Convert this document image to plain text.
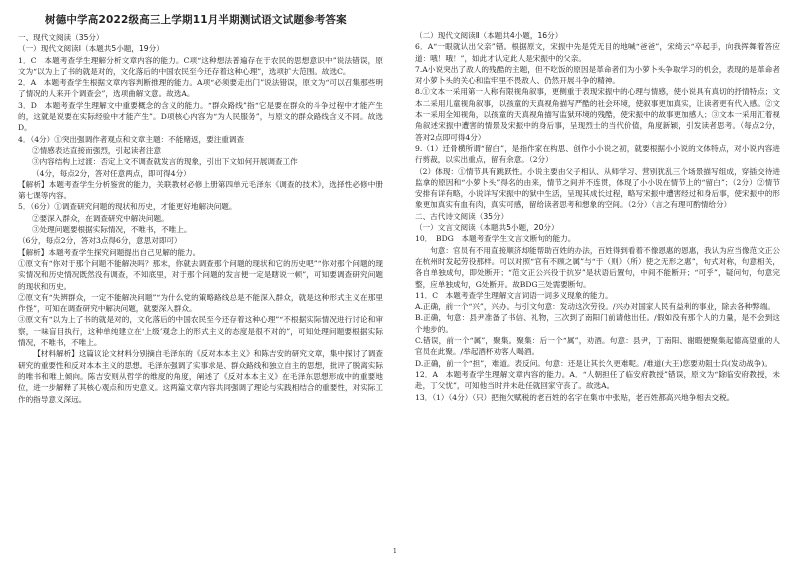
树德中学高2022级高三上学期11月半期测试语文试题参考答案

一、现代文阅读（35分）

（一）现代文阅读Ⅰ（本题共5小题，19分）

1．C　本题考查学生理解分析文章内容的能力。C项“这种想法普遍存在于农民的思想意识中”说法错误，原文为“以为上了书的就是对的，文化落后的中国农民至今还存着这种心理”，选项扩大范围。故选C。

2．A　本题考查学生根据文章内容判断推理的能力。A项“必须要走出门”说法错误，原文为“可以召集那些明了情况的人来开个调查会”，选项曲解文意。故选A。

3．D　本题考查学生理解文中重要概念的含义的能力。“群众路线”指“它是要在群众的斗争过程中才能产生的，这就是说要在实际经验中才能产生”。D项核心内容为“为人民服务”，与原文的群众路线含义不同。故选D。

4．（4分）①突出强调作者观点和文章主题：不能赌返，要注重调查

②情感表达直接而强烈，引起读者注意

③内容结构上过渡：否定上文不调查就发言的现象，引出下文如何开展调查工作

（4分，每点2分，答对任意两点，即可得4分）

【解析】本题考查学生分析鉴赏的能力，关联教材必修上册第四单元毛泽东《调查的技术》，选择性必修中册第七课等内容。

5．（6分）①调查研究问题的现状和历史，才能更好地解决问题。

②要深入群众，在调查研究中解决问题。

③处理问题要根据实际情况，不唯书，不唯上。

（6分，每点2分，答对3点得6分，意思对即可）

【解析】本题考查学生探究问题提出自己见解的能力。

①原文有“你对于那个问题不能解决吗？那末，你就去调查那个问题的现状和它的历史吧”“你对那个问题的现实情况和历史情况既然没有调查，不知底里，对于那个问题的发言便一定是瞎说一顿”，可知要调查研究问题的现状和历史。

②原文有“失辨群众，一定不能解决问题”“为什么党的策略路线总是不能深入群众，就是这种形式主义在那里作怪”，可知在调查研究中解决问题，就要深入群众。

③原文有“以为上了书的就是对的，文化落后的中国农民至今还存着这种心理”“不根据实际情况进行讨论和审察，一味盲目执行，这种单纯建立在‘上级’观念上的形式主义的态度是很不对的”，可知处理问题要根据实际情况，不唯书，不唯上。

【材料解析】这篇议论文材料分别摘自毛泽东的《反对本本主义》和陈吉安的研究文章，集中探讨了调查研究的重要性和反对本本主义的思想。毛泽东强调了实事求是、群众路线和独立自主的思想，批评了脱离实际的唯书和唯上倾向。陈吉安则从哲学的维度的角度，阐述了《反对本本主义》在毛泽东思想形成中的重要地位，进一步解释了其核心观点和历史意义。这两篇文章内容共同强调了理论与实践相结合的重要性，对实际工作的指导意义深远。

（二）现代文阅读Ⅱ（本题共4小题，16分）

6．A“一眼就认出父亲”错。根据原文，宋振中先是凭无目的地喊“爸爸”，宋绮云“卒起手，向我挥舞着答应道：哦！哦！”，如此才认定此人是宋振中的父亲。

7.A小说突出了敌人的残酷的主题，但不吃饭的原因是革命者们为小萝卜头争取学习的机会，表现的是革命者对小萝卜头的关心和监牢里不畏敌人、仍然开展斗争的精神。

8.①文本一采用第一人称有限视角叙事，更侧重于表现宋振中的心理与情感，使小说具有真切的抒情特点；文本二采用儿童视角叙事，以孩童的天真视角描写严酷的社会环境，使叙事更加真实，让读者更有代入感。②文本一采用全知视角，以孩童的天真视角描写监狱环境的残酷，使宋振中的故事更加感人；③文本一采用汇着视角叙述宋振中遭害的情景及宋振中的身后事，呈现烈士的当代价值，角度新颖，引发读者思考。（每点2分，答对2点即可得4分）

9.（1）迁骨横所谓“留白”，是指作家在构思、创作小小说之初，就要根据小小说的文体特点，对小说内容进行剪裁，以实出重点，留有余意。（2分）

（2）体现：①情节具有跳跃性。小说主要由父子相认、从师学习、营别犹乱三个场景描写组成，穿插交待进监拿的原因和“小萝卜头”得名的由来，情节之间并不连贯，体现了小小说在情节上的“留白”；（2分）②情节安排有详有略，小说详写宋振中的狱中生活，呈现其成长过程，略写宋振中遭害经过和身后事，使宋振中的形象更加真实有血有肉，真实可感，留给读者思考和想象的空间。（2分）（言之有理可酌情给分）

二、古代诗文阅读（35分）

（一）文言文阅读（本题共5小题，20分）

10．　BDG　本题考查学生文言文断句的能力。

句意：官员有不用直接顺济却能帮助百姓的办法，百姓得到看着不像恩惠的恩惠，我认为应当像范文正公在杭州时发起劳役那样。可以对照“官有不顾之属”与“于（则）（所）使之无形之惠”，句式对称，句意相关，各自单独成句，即处断开；“范文正公兴役于抗岁”是状语后置句，中间不能断开；“可乎”，疑问句，句意完整，应单独成句，G处断开。故BDG三处需要断句。

11．C　本题考查学生理解文言词语一词多义现象的能力。

A.正确，前一个“兴”，兴办。与引文句意：发动这次劳役。/兴办对国家人民有益利的事业，除去各种弊端。

B.正确，句意：县尹准备了书信、礼物，三次到了南阳门前请他出任。/假如没有那个人的力量，是不会到这个地步的。

C.错误，前一个“属”，聚集。聚集：后一个“属”，劝酒。句意：县尹，丁南阳、谢暇便聚集起德高望重的人官员在此聚。/举起酒杯劝客人喝酒。

D.正确，前一个“担”，难道。表反问。句意：还是让其长久更难呢。/难道(大王)您要劝阻士兵(发动战争)。

12．A　本题考查学生理解文章内容的能力。A．“人朝担任了临安府教授”错误，原文为“除临安府教授，未赴，丁父忧”，可知他当时并未赴任就回家守丧了。故选A。

13．（1）（4分）（只）把拖欠赋税的老百姓的名字在集市中张贴，老百姓都高兴地争相去交税。

1
